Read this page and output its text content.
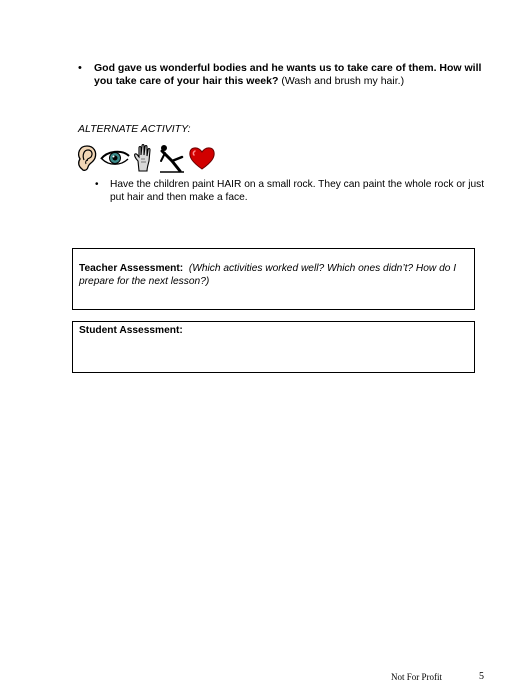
• God gave us wonderful bodies and he wants us to take care of them. How will you take care of your hair this week? (Wash and brush my hair.)
ALTERNATE ACTIVITY:
• Have the children paint HAIR on a small rock. They can paint the whole rock or just put hair and then make a face.
Teacher Assessment: (Which activities worked well? Which ones didn’t? How do I prepare for the next lesson?)
Student Assessment:
Not For Profit	5
